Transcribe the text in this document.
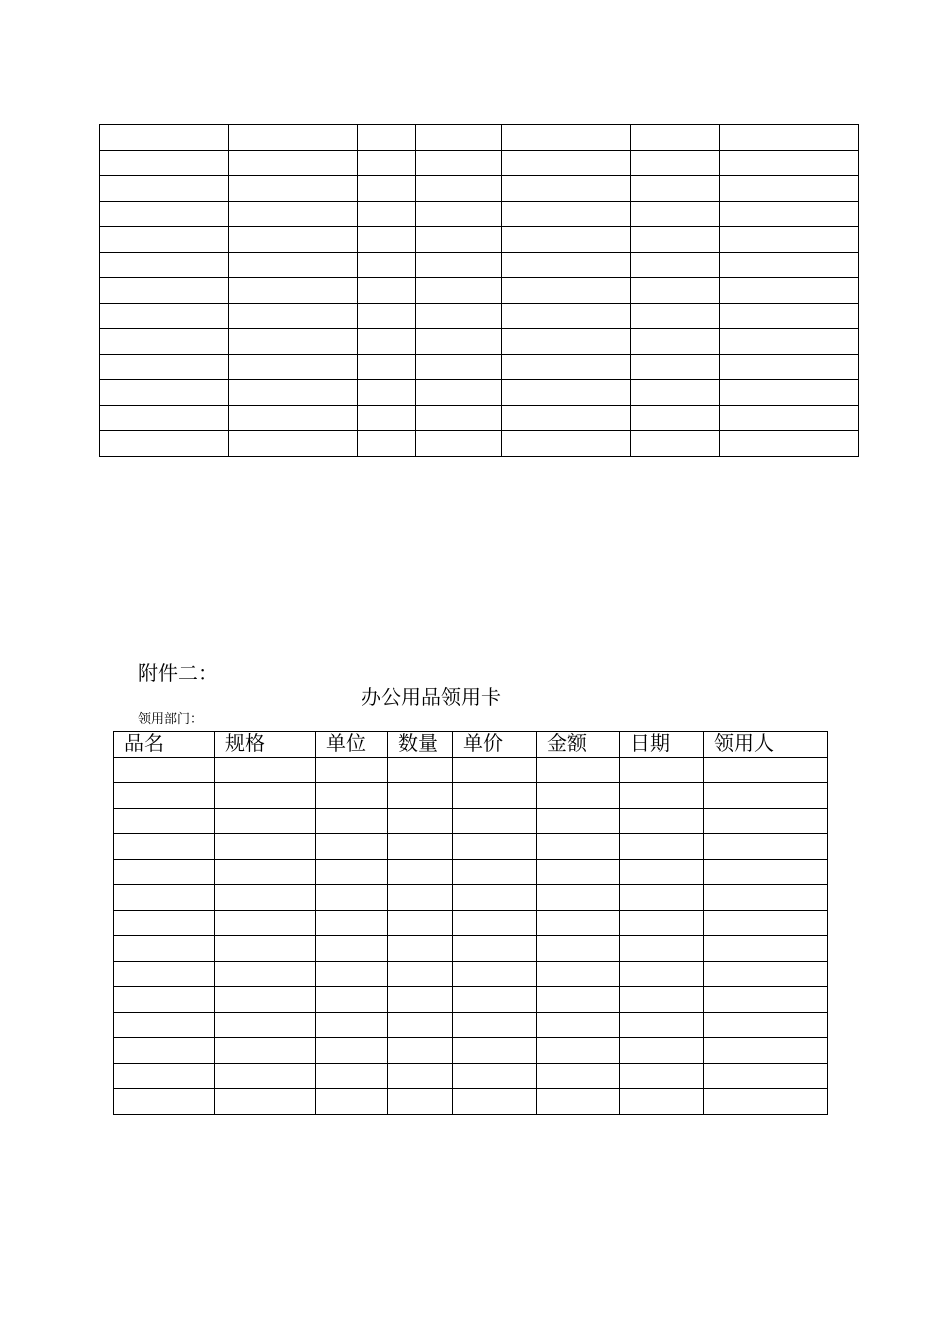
附件二：
办公用品领用卡
领用部门：
品名	规格	单位	数量	单价	金额	日期	领用人
